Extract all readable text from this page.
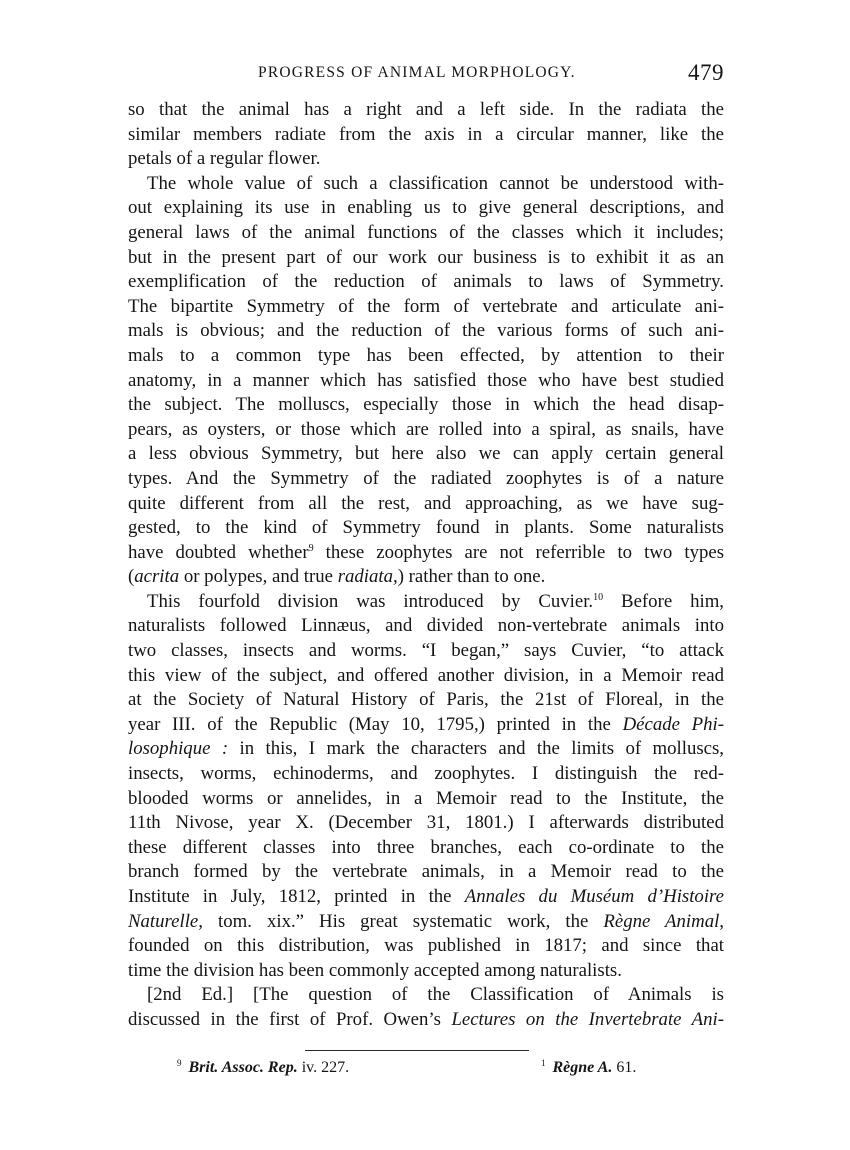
PROGRESS OF ANIMAL MORPHOLOGY.	479
so that the animal has a right and a left side. In the radiata the
similar members radiate from the axis in a circular manner, like the
petals of a regular flower.
The whole value of such a classification cannot be understood with-
out explaining its use in enabling us to give general descriptions, and
general laws of the animal functions of the classes which it includes;
but in the present part of our work our business is to exhibit it as an
exemplification of the reduction of animals to laws of Symmetry.
The bipartite Symmetry of the form of vertebrate and articulate ani-
mals is obvious; and the reduction of the various forms of such ani-
mals to a common type has been effected, by attention to their
anatomy, in a manner which has satisfied those who have best studied
the subject. The molluscs, especially those in which the head disap-
pears, as oysters, or those which are rolled into a spiral, as snails, have
a less obvious Symmetry, but here also we can apply certain general
types. And the Symmetry of the radiated zoophytes is of a nature
quite different from all the rest, and approaching, as we have sug-
gested, to the kind of Symmetry found in plants. Some naturalists
have doubted whether$^9$ these zoophytes are not referrible to two types
(acrita or polypes, and true radiata,) rather than to one.
This fourfold division was introduced by Cuvier.$^{10}$ Before him,
naturalists followed Linnæus, and divided non-vertebrate animals into
two classes, insects and worms. “I began,” says Cuvier, “to attack
this view of the subject, and offered another division, in a Memoir read
at the Society of Natural History of Paris, the 21st of Floreal, in the
year III. of the Republic (May 10, 1795,) printed in the Décade Phi-
losophique : in this, I mark the characters and the limits of molluscs,
insects, worms, echinoderms, and zoophytes. I distinguish the red-
blooded worms or annelides, in a Memoir read to the Institute, the
11th Nivose, year X. (December 31, 1801.) I afterwards distributed
these different classes into three branches, each co-ordinate to the
branch formed by the vertebrate animals, in a Memoir read to the
Institute in July, 1812, printed in the Annales du Muséum d’Histoire
Naturelle, tom. xix.” His great systematic work, the Règne Animal,
founded on this distribution, was published in 1817; and since that
time the division has been commonly accepted among naturalists.
[2nd Ed.] [The question of the Classification of Animals is
discussed in the first of Prof. Owen’s Lectures on the Invertebrate Ani-
$^9$ Brit. Assoc. Rep. iv. 227.	$^1$ Règne A. 61.
